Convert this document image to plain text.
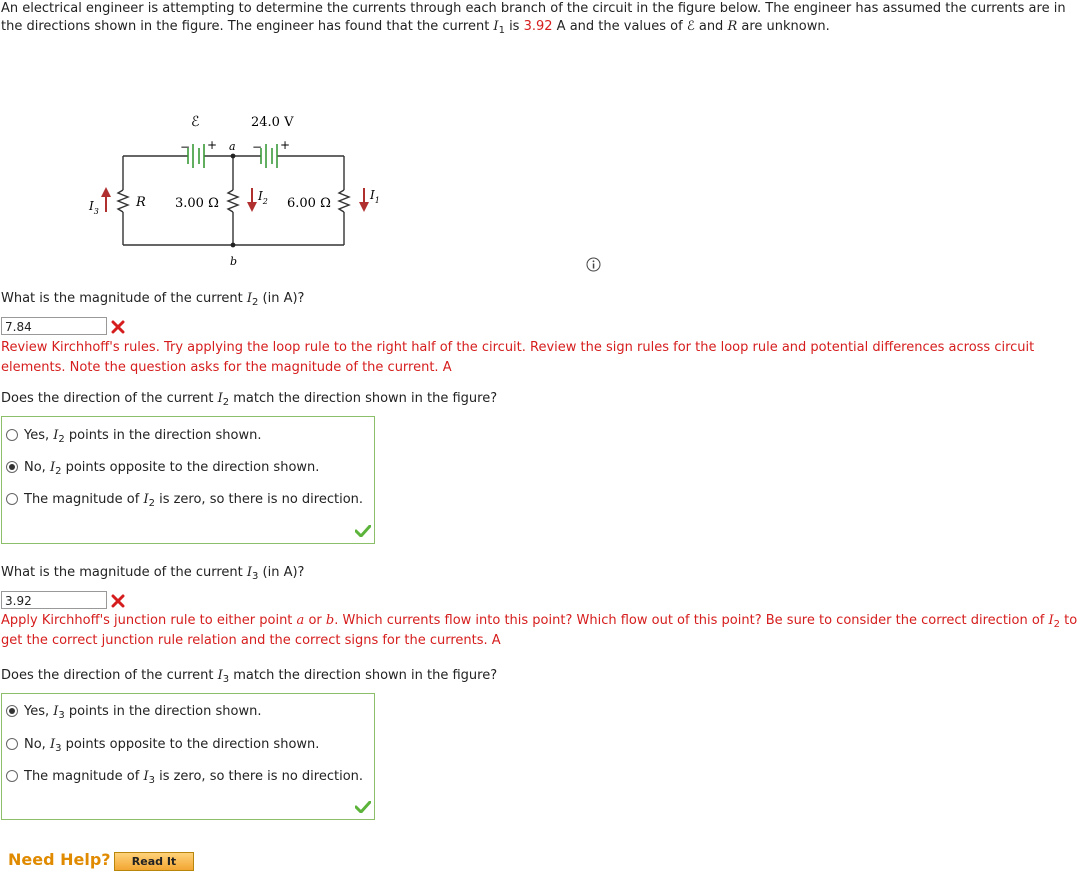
An electrical engineer is attempting to determine the currents through each branch of the circuit in the figure below. The engineer has assumed the currents are in the directions shown in the figure. The engineer has found that the current $I_1$ is 3.92 A and the values of ℰ and R are unknown.
ℰ	24.0 V
− +	− +
a
b
R 3.00 Ω	6.00 Ω
$I_3$
$I_2$	$I_1$
What is the magnitude of the current $I_2$ (in A)?
7.84
Review Kirchhoff's rules. Try applying the loop rule to the right half of the circuit. Review the sign rules for the loop rule and potential differences across circuit elements. Note the question asks for the magnitude of the current. A
Does the direction of the current $I_2$ match the direction shown in the figure?
Yes, $I_2$ points in the direction shown.
No, $I_2$ points opposite to the direction shown.
The magnitude of $I_2$ is zero, so there is no direction.
What is the magnitude of the current $I_3$ (in A)?
3.92
Apply Kirchhoff's junction rule to either point a or b. Which currents flow into this point? Which flow out of this point? Be sure to consider the correct direction of $I_2$ to get the correct junction rule relation and the correct signs for the currents. A
Does the direction of the current $I_3$ match the direction shown in the figure?
Yes, $I_3$ points in the direction shown.
No, $I_3$ points opposite to the direction shown.
The magnitude of $I_3$ is zero, so there is no direction.
Need Help?	Read It
